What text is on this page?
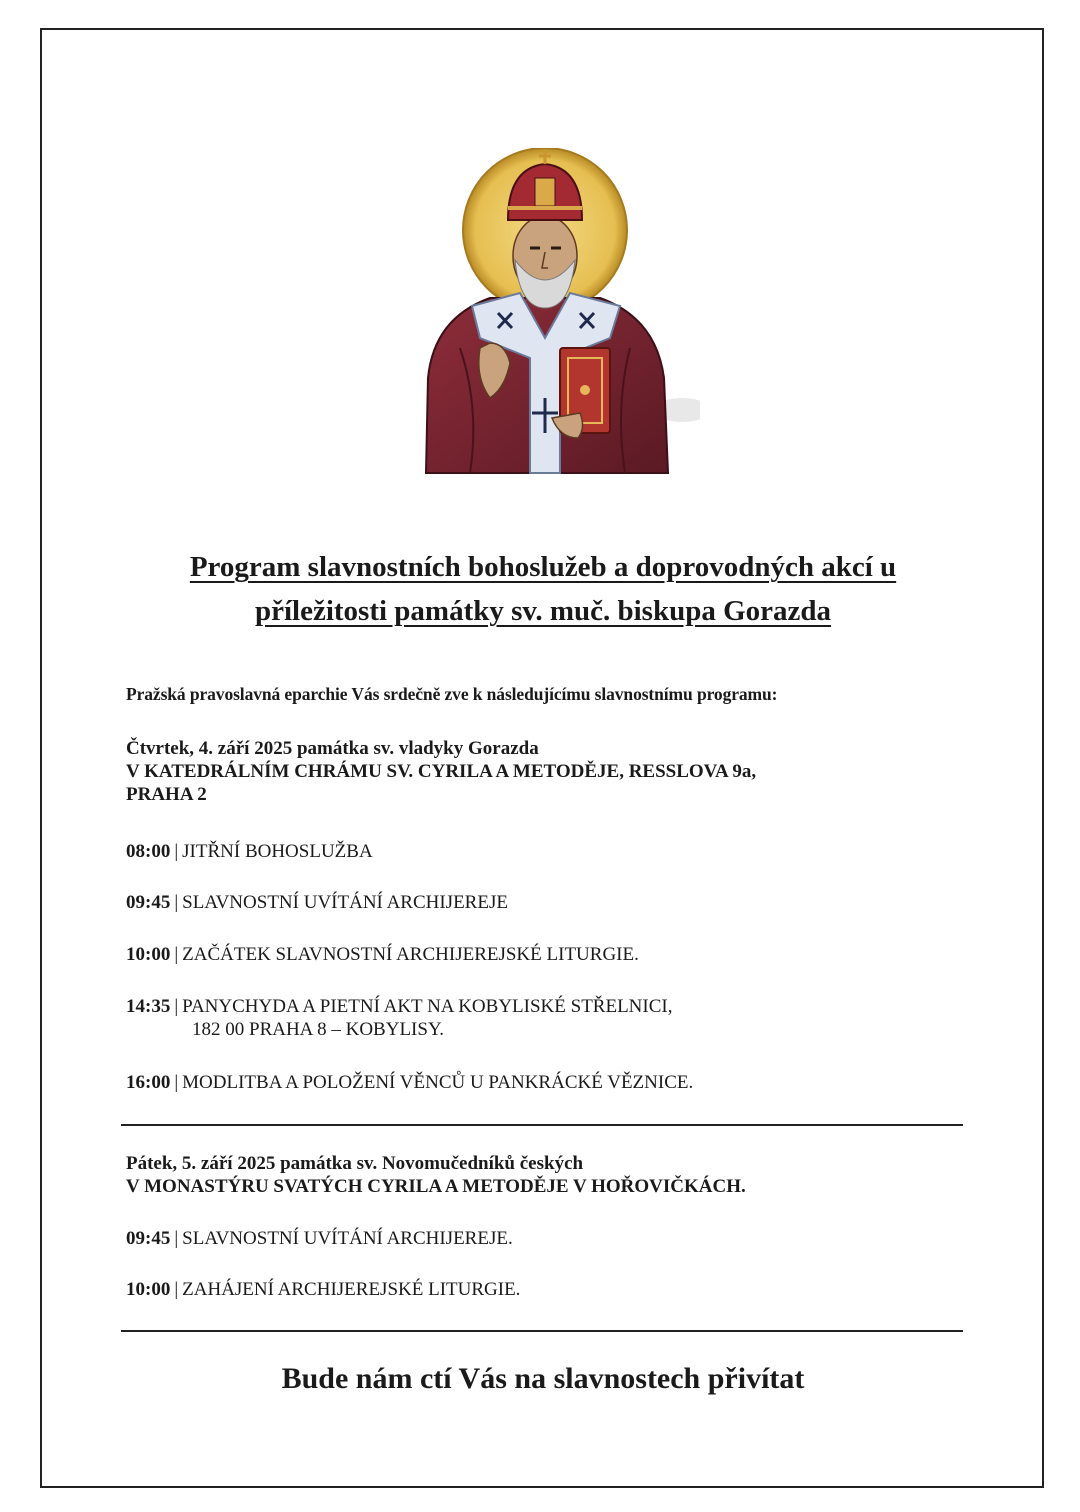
Program slavnostních bohoslužeb a doprovodných akcí u
příležitosti památky sv. muč. biskupa Gorazda
Pražská pravoslavná eparchie Vás srdečně zve k následujícímu slavnostnímu programu:
Čtvrtek, 4. září 2025 památka sv. vladyky Gorazda
V KATEDRÁLNÍM CHRÁMU SV. CYRILA A METODĚJE, RESSLOVA 9a,
PRAHA 2
08:00 | JITŘNÍ BOHOSLUŽBA
09:45 | SLAVNOSTNÍ UVÍTÁNÍ ARCHIJEREJE
10:00 | ZAČÁTEK SLAVNOSTNÍ ARCHIJEREJSKÉ LITURGIE.
14:35 | PANYCHYDA A PIETNÍ AKT NA KOBYLISKÉ STŘELNICI,
182 00 PRAHA 8 – KOBYLISY.
16:00 | MODLITBA A POLOŽENÍ VĚNCŮ U PANKRÁCKÉ VĚZNICE.
Pátek, 5. září 2025 památka sv. Novomučedníků českých
V MONASTÝRU SVATÝCH CYRILA A METODĚJE V HOŘOVIČKÁCH.
09:45 | SLAVNOSTNÍ UVÍTÁNÍ ARCHIJEREJE.
10:00 | ZAHÁJENÍ ARCHIJEREJSKÉ LITURGIE.
Bude nám ctí Vás na slavnostech přivítat
